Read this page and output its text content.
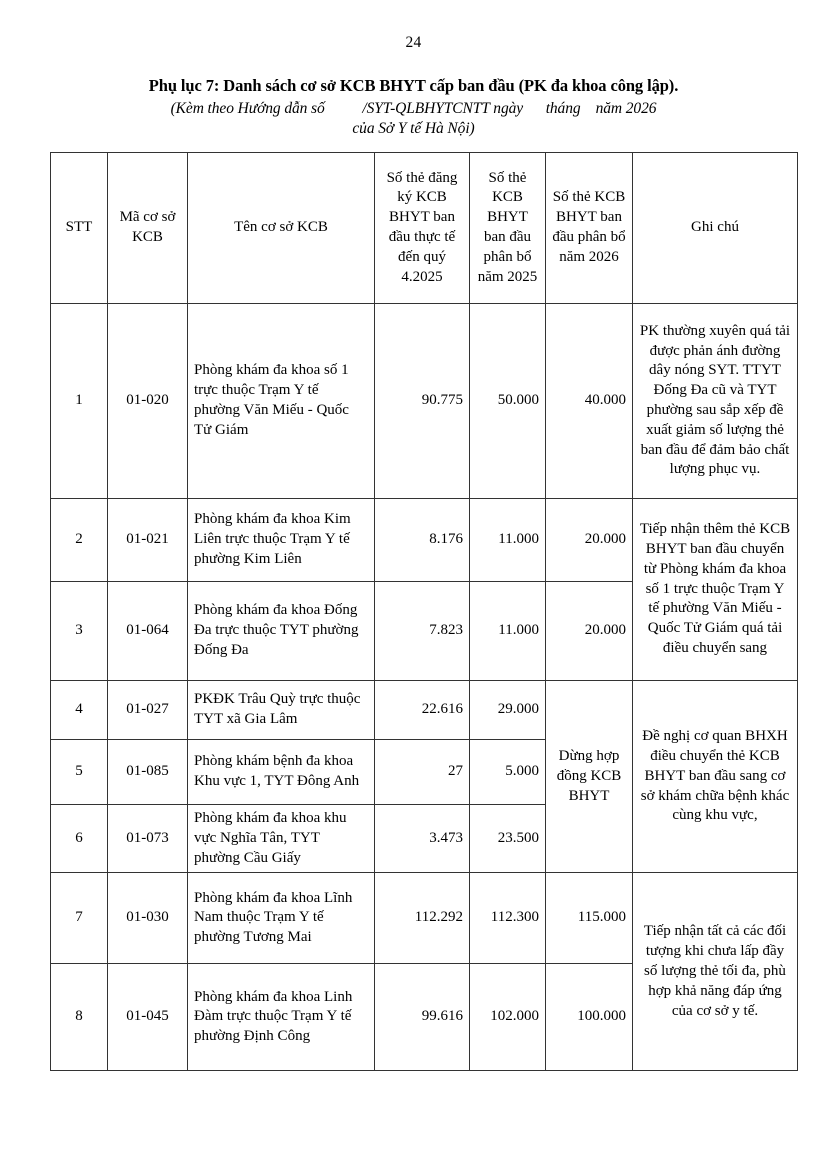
24
Phụ lục 7: Danh sách cơ sở KCB BHYT cấp ban đầu (PK đa khoa công lập).
(Kèm theo Hướng dẫn số          /SYT-QLBHYTCNTT ngày      tháng    năm 2026
của Sở Y tế Hà Nội)
STT	Mã cơ sở KCB	Tên cơ sở KCB	Số thẻ đăng ký KCB BHYT ban đầu thực tế đến quý 4.2025	Số thẻ KCB BHYT ban đầu phân bổ năm 2025	Số thẻ KCB BHYT ban đầu phân bổ năm 2026	Ghi chú
1	01-020	Phòng khám đa khoa số 1 trực thuộc Trạm Y tế phường Văn Miếu - Quốc Tử Giám	90.775	50.000	40.000	PK thường xuyên quá tải được phản ánh đường dây nóng SYT. TTYT Đống Đa cũ và TYT phường sau sắp xếp đề xuất giảm số lượng thẻ ban đầu để đảm bảo chất lượng phục vụ.
2	01-021	Phòng khám đa khoa Kim Liên trực thuộc Trạm Y tế phường Kim Liên	8.176	11.000	20.000	Tiếp nhận thêm thẻ KCB BHYT ban đầu chuyển từ Phòng khám đa khoa số 1 trực thuộc Trạm Y tế phường Văn Miếu - Quốc Tử Giám quá tải điều chuyển sang
3	01-064	Phòng khám đa khoa Đống Đa trực thuộc TYT phường Đống Đa	7.823	11.000	20.000	
4	01-027	PKĐK Trâu Quỳ trực thuộc TYT xã Gia Lâm	22.616	29.000	Dừng hợp đồng KCB BHYT	Đề nghị cơ quan BHXH điều chuyển thẻ KCB BHYT ban đầu sang cơ sở khám chữa bệnh khác cùng khu vực,
5	01-085	Phòng khám bệnh đa khoa Khu vực 1, TYT Đông Anh	27	5.000		
6	01-073	Phòng khám đa khoa khu vực Nghĩa Tân, TYT phường Cầu Giấy	3.473	23.500		
7	01-030	Phòng khám đa khoa Lĩnh Nam thuộc Trạm Y tế phường Tương Mai	112.292	112.300	115.000	Tiếp nhận tất cả các đối tượng khi chưa lấp đầy số lượng thẻ tối đa, phù hợp khả năng đáp ứng của cơ sở y tế.
8	01-045	Phòng khám đa khoa Linh Đàm trực thuộc Trạm Y tế phường Định Công	99.616	102.000	100.000	
